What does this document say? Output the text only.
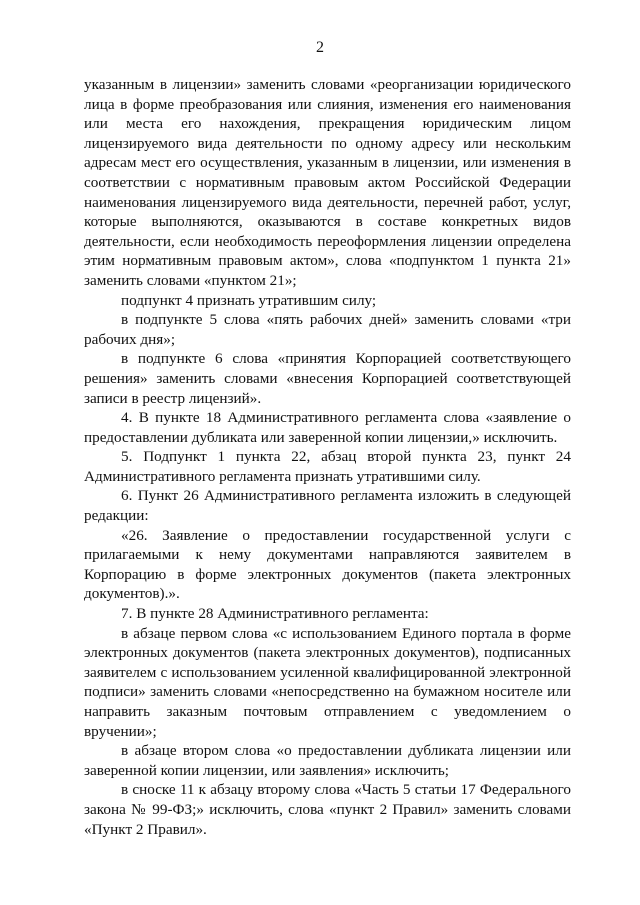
2

указанным в лицензии» заменить словами «реорганизации юридического лица в форме преобразования или слияния, изменения его наименования или места его нахождения, прекращения юридическим лицом лицензируемого вида деятельности по одному адресу или нескольким адресам мест его осуществления, указанным в лицензии, или изменения в соответствии с нормативным правовым актом Российской Федерации наименования лицензируемого вида деятельности, перечней работ, услуг, которые выполняются, оказываются в составе конкретных видов деятельности, если необходимость переоформления лицензии определена этим нормативным правовым актом», слова «подпунктом 1 пункта 21» заменить словами «пунктом 21»;

подпункт 4 признать утратившим силу;

в подпункте 5 слова «пять рабочих дней» заменить словами «три рабочих дня»;

в подпункте 6 слова «принятия Корпорацией соответствующего решения» заменить словами «внесения Корпорацией соответствующей записи в реестр лицензий».

4. В пункте 18 Административного регламента слова «заявление о предоставлении дубликата или заверенной копии лицензии,» исключить.

5. Подпункт 1 пункта 22, абзац второй пункта 23, пункт 24 Административного регламента признать утратившими силу.

6. Пункт 26 Административного регламента изложить в следующей редакции:

«26. Заявление о предоставлении государственной услуги с прилагаемыми к нему документами направляются заявителем в Корпорацию в форме электронных документов (пакета электронных документов).».

7. В пункте 28 Административного регламента:

в абзаце первом слова «с использованием Единого портала в форме электронных документов (пакета электронных документов), подписанных заявителем с использованием усиленной квалифицированной электронной подписи» заменить словами «непосредственно на бумажном носителе или направить заказным почтовым отправлением с уведомлением о вручении»;

в абзаце втором слова «о предоставлении дубликата лицензии или заверенной копии лицензии, или заявления» исключить;

в сноске 11 к абзацу второму слова «Часть 5 статьи 17 Федерального закона № 99-ФЗ;» исключить, слова «пункт 2 Правил» заменить словами «Пункт 2 Правил».
